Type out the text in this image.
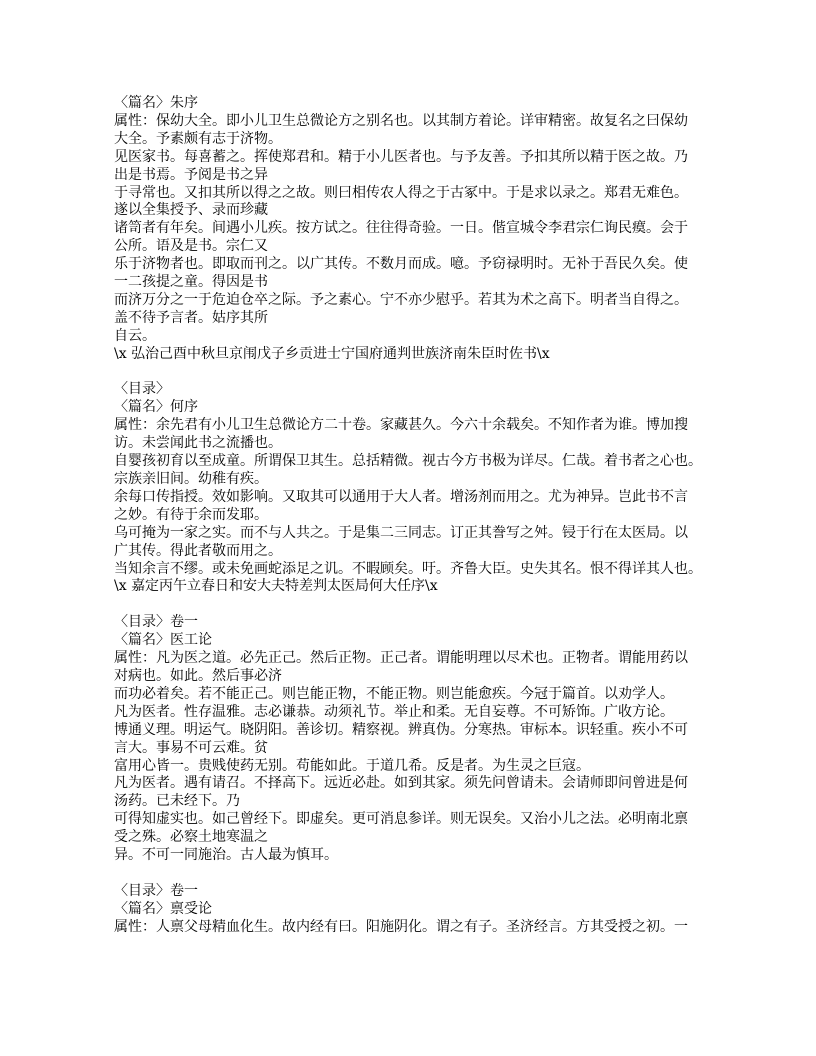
〈篇名〉朱序
属性：保幼大全。即小儿卫生总微论方之别名也。以其制方着论。详审精密。故复名之曰保幼
大全。予素颇有志于济物。
见医家书。每喜蓄之。挥使郑君和。精于小儿医者也。与予友善。予扣其所以精于医之故。乃
出是书焉。予阅是书之异
于寻常也。又扣其所以得之之故。则曰相传农人得之于古冢中。于是求以录之。郑君无难色。
遂以全集授予、录而珍藏
诸笥者有年矣。间遇小儿疾。按方试之。往往得奇验。一日。偕宣城令李君宗仁询民瘼。会于
公所。语及是书。宗仁又
乐于济物者也。即取而刊之。以广其传。不数月而成。噫。予窃禄明时。无补于吾民久矣。使
一二孩提之童。得因是书
而济万分之一于危迫仓卒之际。予之素心。宁不亦少慰乎。若其为术之高下。明者当自得之。
盖不待予言者。姑序其所
自云。
\x 弘治己酉中秋旦京闱戊子乡贡进士宁国府通判世族济南朱臣时佐书\x
〈目录〉
〈篇名〉何序
属性：余先君有小儿卫生总微论方二十卷。家藏甚久。今六十余载矣。不知作者为谁。博加搜
访。未尝闻此书之流播也。
自婴孩初育以至成童。所谓保卫其生。总括精微。视古今方书极为详尽。仁哉。着书者之心也。
宗族亲旧间。幼稚有疾。
余每口传指授。效如影响。又取其可以通用于大人者。增汤剂而用之。尤为神异。岂此书不言
之妙。有待于余而发耶。
乌可掩为一家之实。而不与人共之。于是集二三同志。订正其誊写之舛。锓于行在太医局。以
广其传。得此者敬而用之。
当知余言不缪。或未免画蛇添足之讥。不暇顾矣。吁。齐鲁大臣。史失其名。恨不得详其人也。
\x 嘉定丙午立春日和安大夫特差判太医局何大任序\x
〈目录〉卷一
〈篇名〉医工论
属性：凡为医之道。必先正己。然后正物。正己者。谓能明理以尽术也。正物者。谓能用药以
对病也。如此。然后事必济
而功必着矣。若不能正己。则岂能正物，不能正物。则岂能愈疾。今冠于篇首。以劝学人。
凡为医者。性存温雅。志必谦恭。动须礼节。举止和柔。无自妄尊。不可矫饰。广收方论。
博通义理。明运气。晓阴阳。善诊切。精察视。辨真伪。分寒热。审标本。识轻重。疾小不可
言大。事易不可云难。贫
富用心皆一。贵贱使药无别。苟能如此。于道几希。反是者。为生灵之巨寇。
凡为医者。遇有请召。不择高下。远近必赴。如到其家。须先问曾请未。会请师即问曾进是何
汤药。已未经下。乃
可得知虚实也。如己曾经下。即虚矣。更可消息参详。则无误矣。又治小儿之法。必明南北禀
受之殊。必察土地寒温之
异。不可一同施治。古人最为慎耳。
〈目录〉卷一
〈篇名〉禀受论
属性：人禀父母精血化生。故内经有曰。阳施阴化。谓之有子。圣济经言。方其受授之初。一
